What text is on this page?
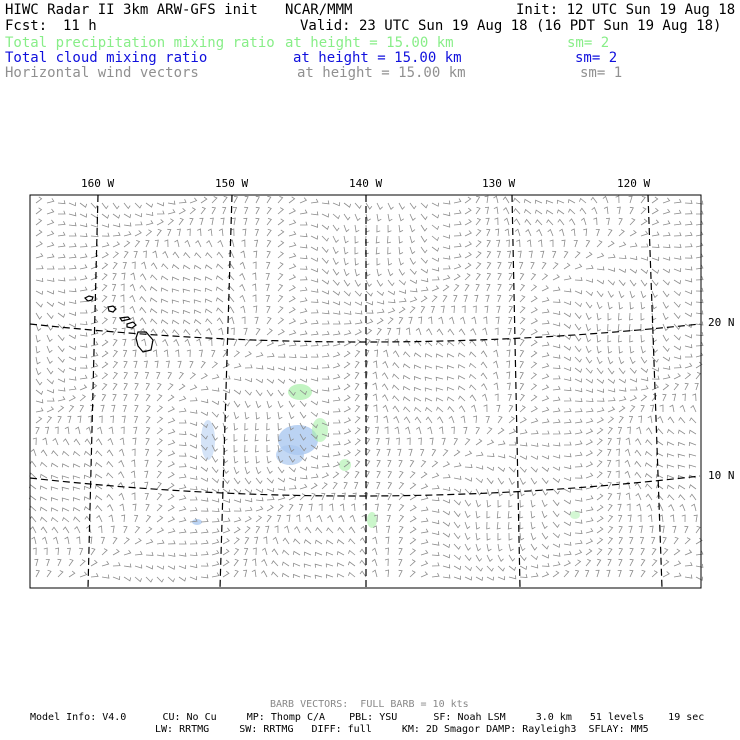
HIWC Radar II 3km ARW-GFS init NCAR/MMM	Init: 12 UTC Sun 19 Aug 18
Fcst: 11 h	Valid: 23 UTC Sun 19 Aug 18 (16 PDT Sun 19 Aug 18)
Total precipitation mixing ratio at height = 15.00 km	sm= 2
Total cloud mixing ratio	at height = 15.00 km	sm= 2
Horizontal wind vectors	at height = 15.00 km	sm= 1
160 W	150 W	140 W	130 W	120 W
20 N
10 N
BARB VECTORS:  FULL BARB = 10 kts
Model Info: V4.0      CU: No Cu     MP: Thomp C/A    PBL: YSU      SF: Noah LSM     3.0 km   51 levels    19 sec
LW: RRTMG     SW: RRTMG   DIFF: full     KM: 2D Smagor DAMP: Rayleigh3  SFLAY: MM5
